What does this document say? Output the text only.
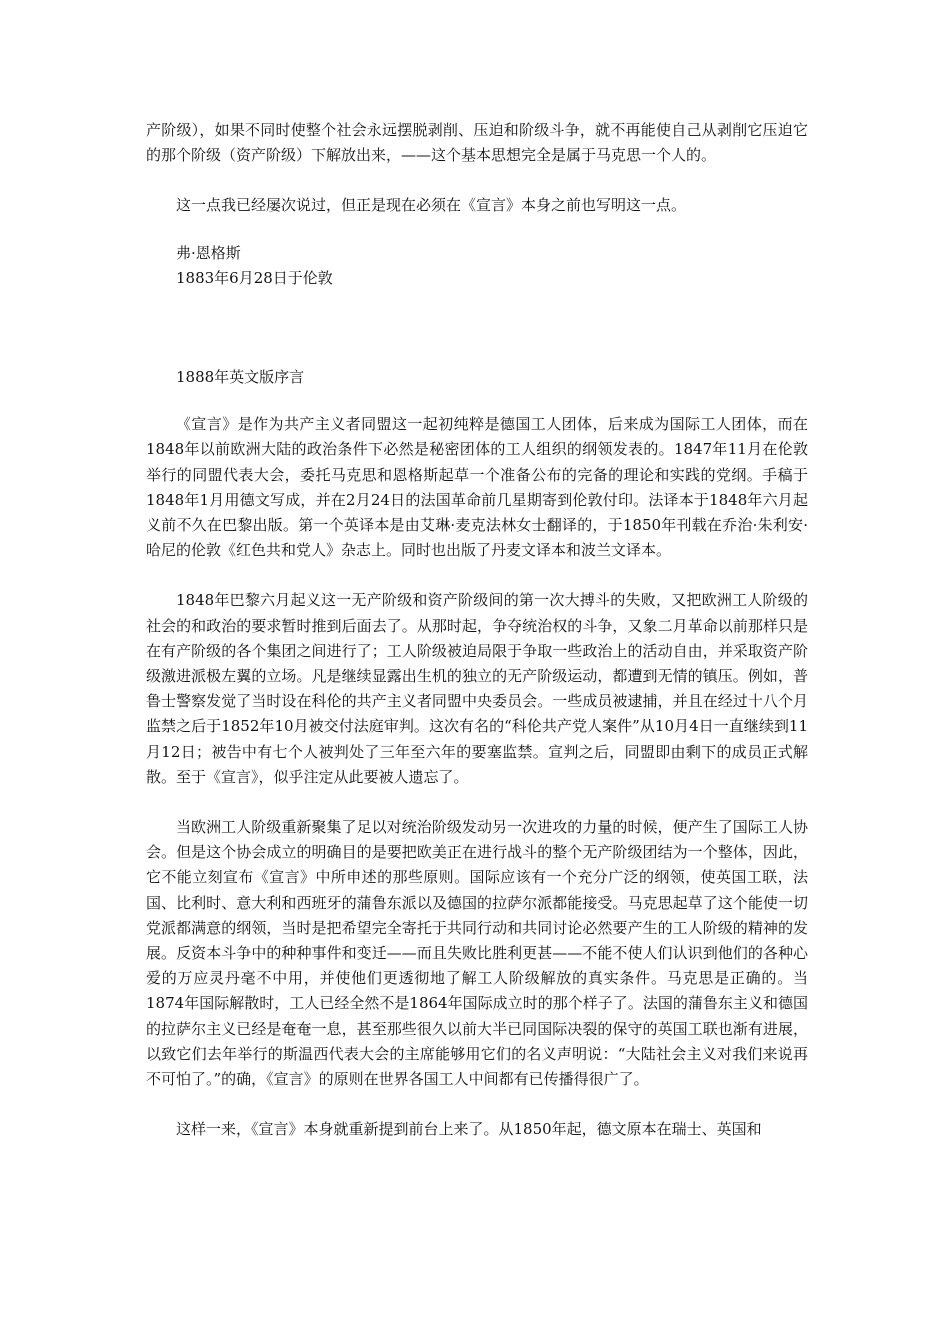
产阶级），如果不同时使整个社会永远摆脱剥削、压迫和阶级斗争，就不再能使自己从剥削它压迫它的那个阶级（资产阶级）下解放出来，——这个基本思想完全是属于马克思一个人的。

这一点我已经屡次说过，但正是现在必须在《宣言》本身之前也写明这一点。

弗·恩格斯

1883年6月28日于伦敦

1888年英文版序言

《宣言》是作为共产主义者同盟这一起初纯粹是德国工人团体，后来成为国际工人团体，而在1848年以前欧洲大陆的政治条件下必然是秘密团体的工人组织的纲领发表的。1847年11月在伦敦举行的同盟代表大会，委托马克思和恩格斯起草一个准备公布的完备的理论和实践的党纲。手稿于1848年1月用德文写成，并在2月24日的法国革命前几星期寄到伦敦付印。法译本于1848年六月起义前不久在巴黎出版。第一个英译本是由艾琳·麦克法林女士翻译的，于1850年刊载在乔治·朱利安·哈尼的伦敦《红色共和党人》杂志上。同时也出版了丹麦文译本和波兰文译本。

1848年巴黎六月起义这一无产阶级和资产阶级间的第一次大搏斗的失败，又把欧洲工人阶级的社会的和政治的要求暂时推到后面去了。从那时起，争夺统治权的斗争，又象二月革命以前那样只是在有产阶级的各个集团之间进行了；工人阶级被迫局限于争取一些政治上的活动自由，并采取资产阶级激进派极左翼的立场。凡是继续显露出生机的独立的无产阶级运动，都遭到无情的镇压。例如，普鲁士警察发觉了当时设在科伦的共产主义者同盟中央委员会。一些成员被逮捕，并且在经过十八个月监禁之后于1852年10月被交付法庭审判。这次有名的“科伦共产党人案件”从10月4日一直继续到11月12日；被告中有七个人被判处了三年至六年的要塞监禁。宣判之后，同盟即由剩下的成员正式解散。至于《宣言》，似乎注定从此要被人遗忘了。

当欧洲工人阶级重新聚集了足以对统治阶级发动另一次进攻的力量的时候，便产生了国际工人协会。但是这个协会成立的明确目的是要把欧美正在进行战斗的整个无产阶级团结为一个整体，因此，它不能立刻宣布《宣言》中所申述的那些原则。国际应该有一个充分广泛的纲领，使英国工联，法国、比利时、意大利和西班牙的蒲鲁东派以及德国的拉萨尔派都能接受。马克思起草了这个能使一切党派都满意的纲领，当时是把希望完全寄托于共同行动和共同讨论必然要产生的工人阶级的精神的发展。反资本斗争中的种种事件和变迁——而且失败比胜利更甚——不能不使人们认识到他们的各种心爱的万应灵丹毫不中用，并使他们更透彻地了解工人阶级解放的真实条件。马克思是正确的。当1874年国际解散时，工人已经全然不是1864年国际成立时的那个样子了。法国的蒲鲁东主义和德国的拉萨尔主义已经是奄奄一息，甚至那些很久以前大半已同国际决裂的保守的英国工联也渐有进展，以致它们去年举行的斯温西代表大会的主席能够用它们的名义声明说：“大陆社会主义对我们来说再不可怕了。”的确，《宣言》的原则在世界各国工人中间都有已传播得很广了。

这样一来，《宣言》本身就重新提到前台上来了。从1850年起，德文原本在瑞士、英国和
